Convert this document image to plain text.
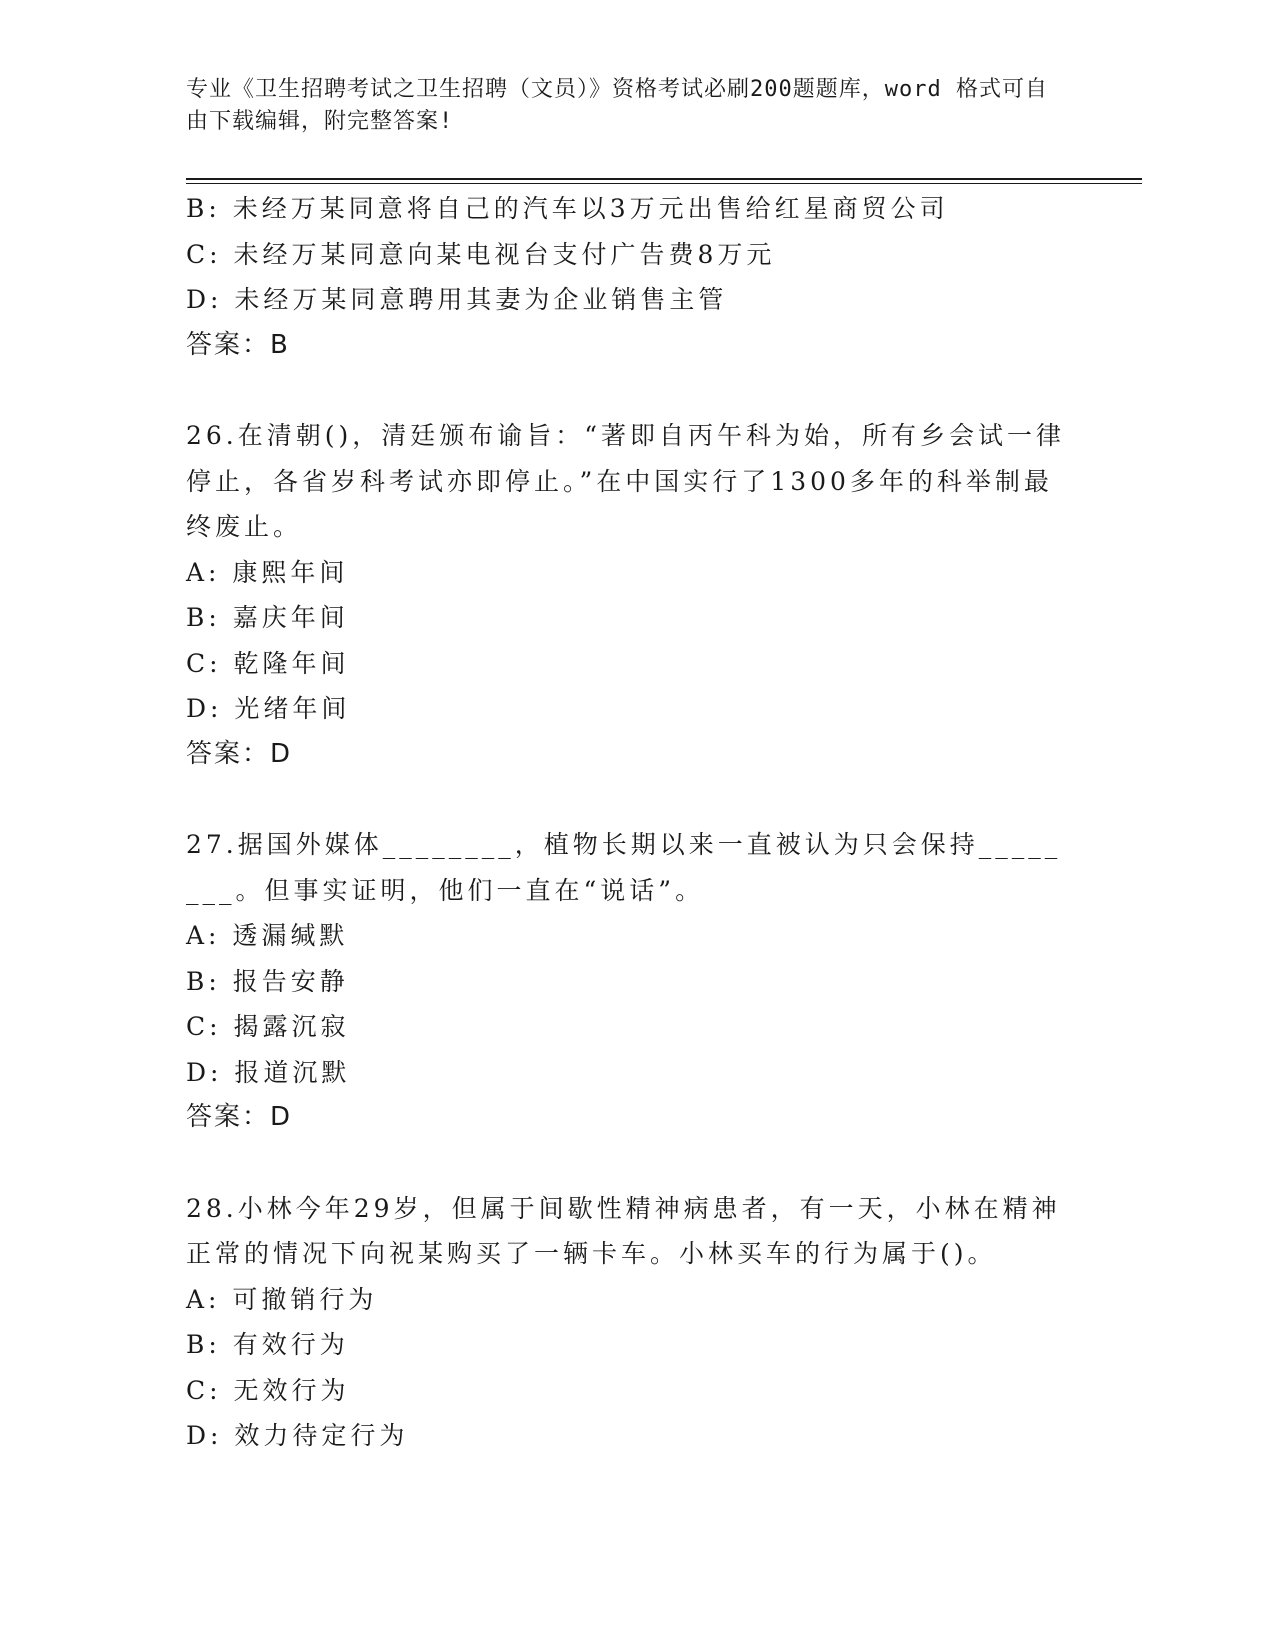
专业《卫生招聘考试之卫生招聘（文员）》资格考试必刷200题题库，word 格式可自由下载编辑，附完整答案!
B: 未经万某同意将自己的汽车以3万元出售给红星商贸公司
C: 未经万某同意向某电视台支付广告费8万元
D: 未经万某同意聘用其妻为企业销售主管
答案：B
26.在清朝()，清廷颁布谕旨：“著即自丙午科为始，所有乡会试一律停止，各省岁科考试亦即停止。”在中国实行了1300多年的科举制最终废止。
A: 康熙年间
B: 嘉庆年间
C: 乾隆年间
D: 光绪年间
答案：D
27.据国外媒体________，植物长期以来一直被认为只会保持________。但事实证明，他们一直在“说话”。
A: 透漏缄默
B: 报告安静
C: 揭露沉寂
D: 报道沉默
答案：D
28.小林今年29岁，但属于间歇性精神病患者，有一天，小林在精神正常的情况下向祝某购买了一辆卡车。小林买车的行为属于()。
A: 可撤销行为
B: 有效行为
C: 无效行为
D: 效力待定行为
